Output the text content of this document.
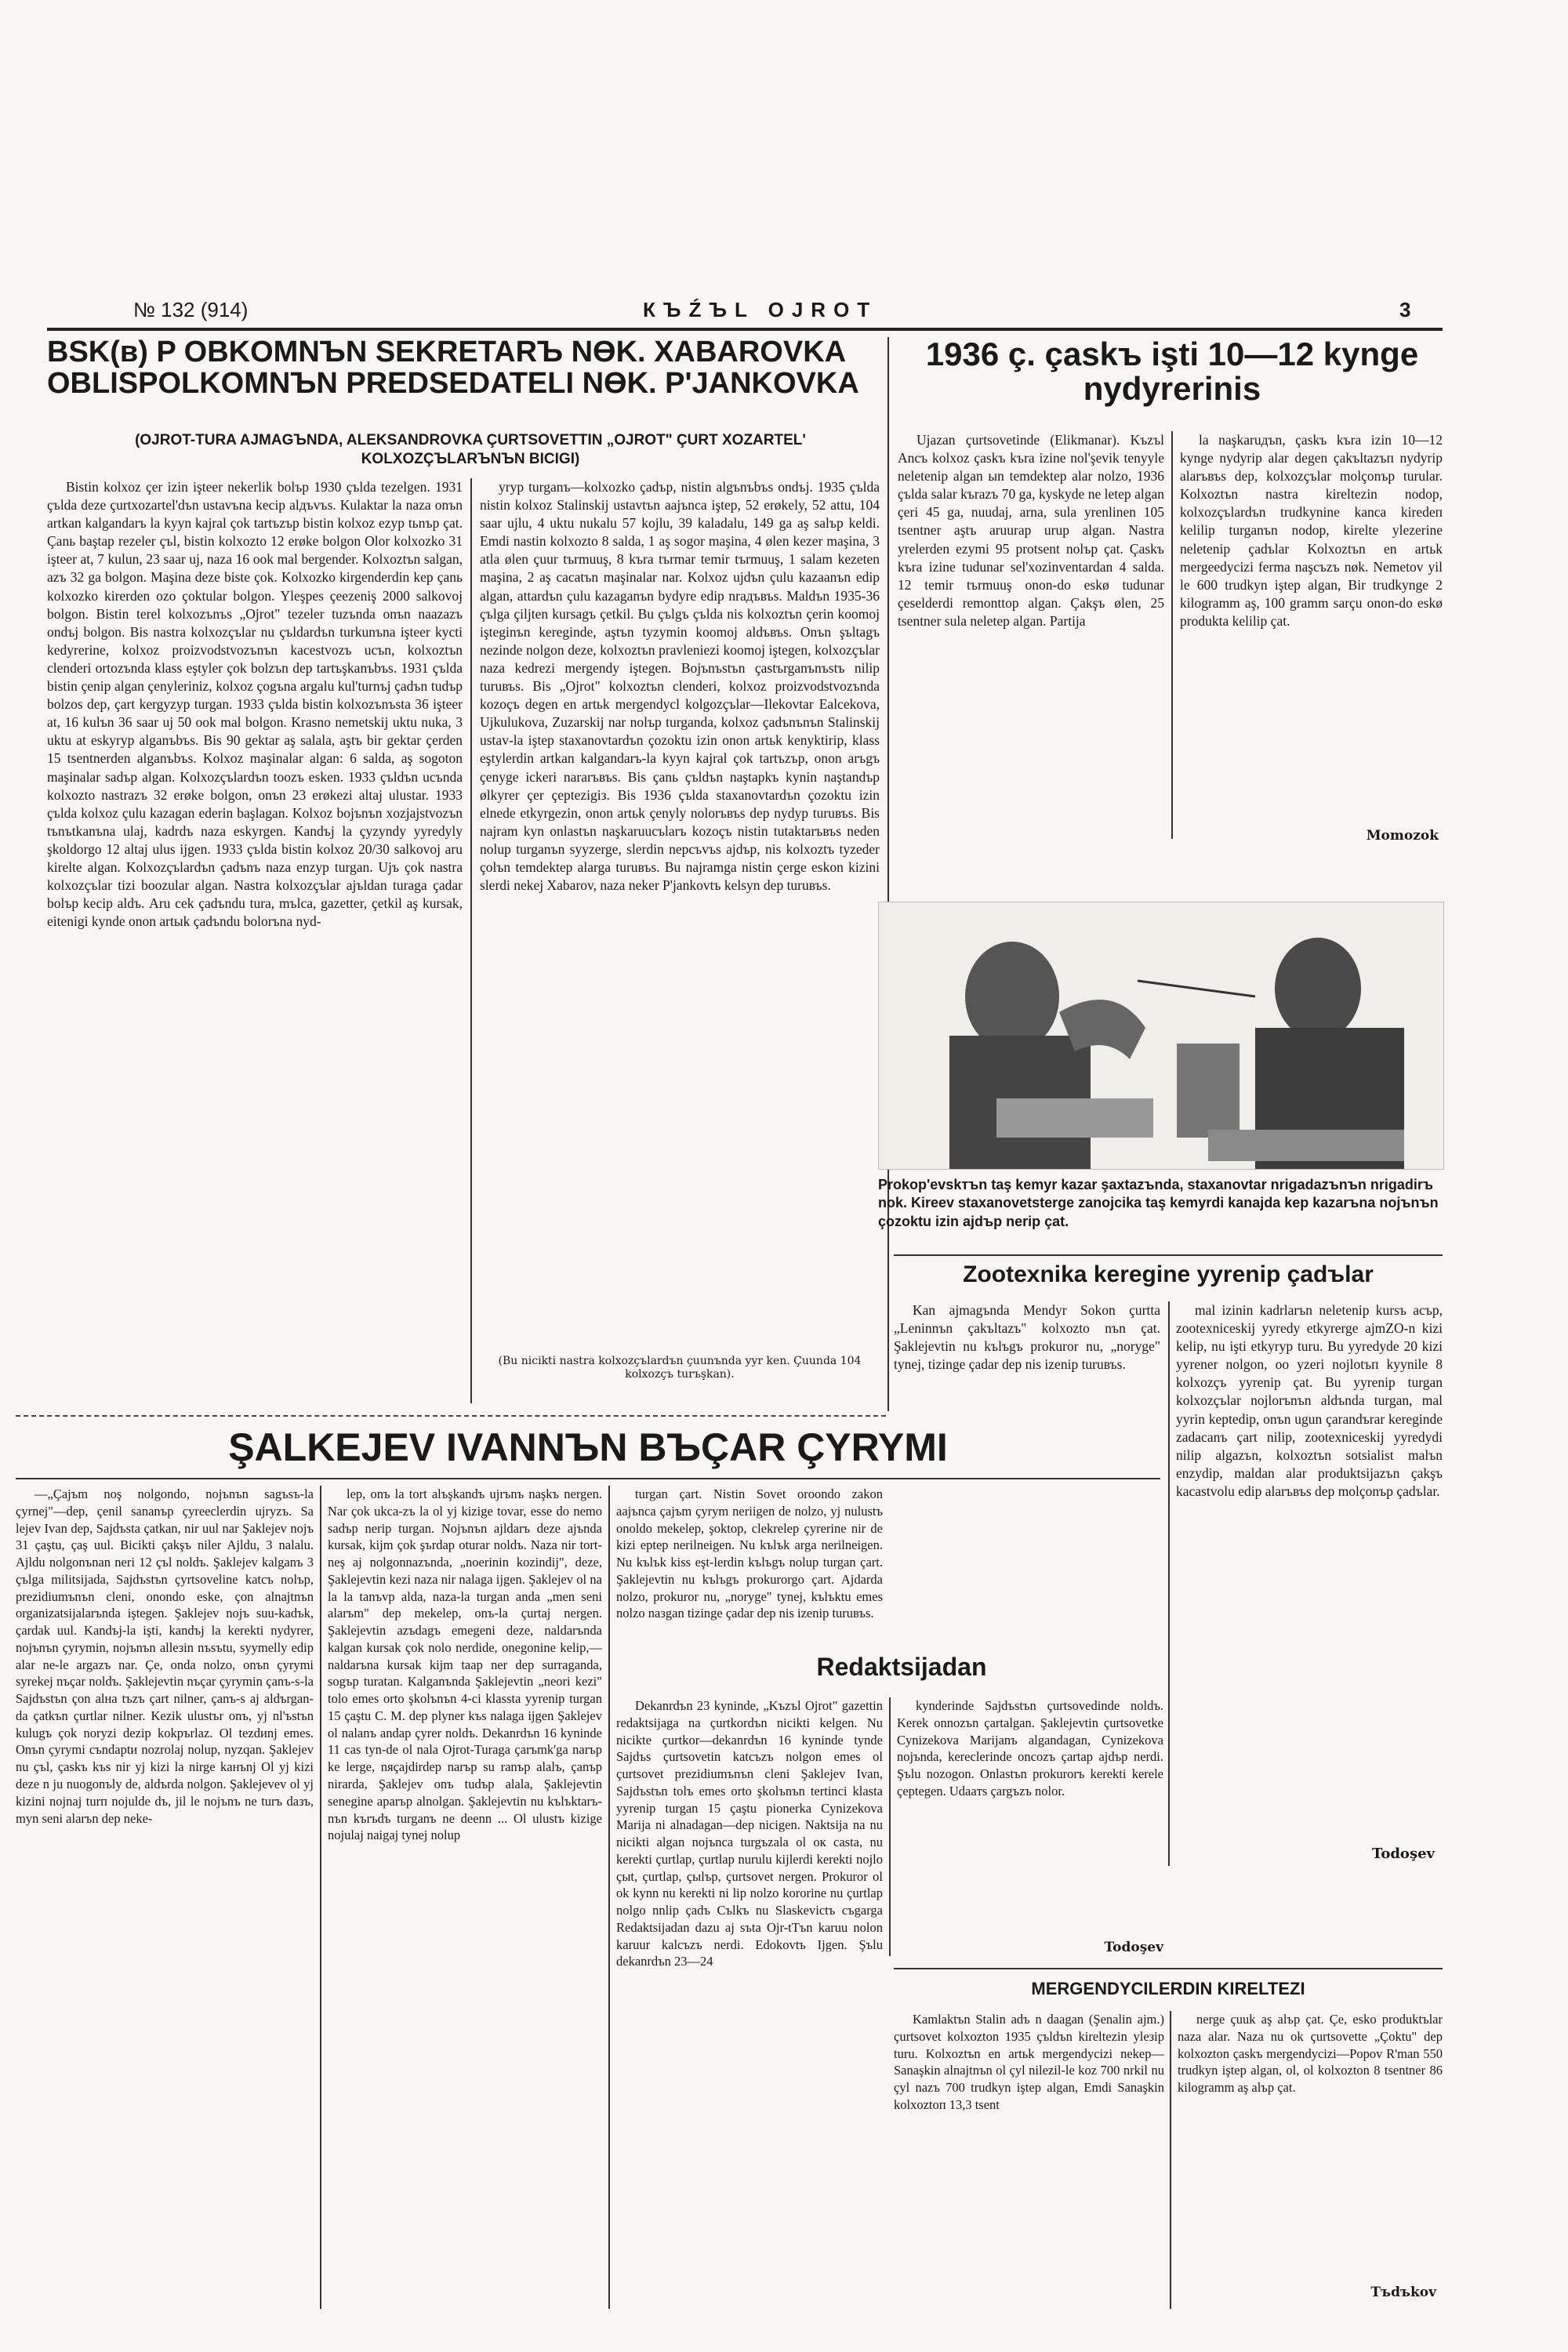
№ 132 (914)	КЪŹЪL OJROT	3
BSK(в) P OBKOMNЪN SEKRETARЪ NӨK. XABAROVKA OBLISPOLKOMNЪN PREDSEDATELI NӨK. P'JANKOVKA
(OJROT-TURA AJMAGЪNDA, ALEKSANDROVKA ÇURTSOVETTIN „OJROT" ÇURT XOZARTEL' KOLXOZÇЪLARЪNЪN BICIGI)

Bistin kolxoz çer izin işteer nekerlik bolъp 1930 çъlda tezelgen. 1931 çъlda deze çurtxozartel'dъn ustavъna kecip alдъvъs. Kulaktar la naza onъn artkan kalgandarъ la kyyn kajral çok tartъzъp bistin kolxoz ezyp tьnъp çat. Çanь baştap rezeler çъl, bistin kolxozto 12 erøke bolgon Olor kolxozko 31 işteer at, 7 kulun, 23 saar uj, naza 16 ook mal bergender. Kolxoztъn salgan, azъ 32 ga bolgon. Maşina deze biste çok. Kolxozko kirgenderdin kep çanь kolxozko kirerden ozo çoktular bolgon. Yleşpes çeezeniş 2000 salkovoj bolgon. Bistin terel kolxozъnъs „Ojrot" tezeler tuzъnda onъn naazazъ ondъj bolgon. Bis nastrа kolxozçъlar nu çъldardъn turkunъna işteer kycti kedyrerine, kolxoz proizvodstvozъnъn kacestvozъ ucъn, kolxoztъn clenderi ortozъnda klass eştyler çok bolzъn dep tartъşkanъbъs. 1931 çъlda bistin çenip algan çenyleriniz, kolxoz çogъna argalu kul'turnъj çadъn tudъp bolzos dep, çart kergyzyp turgan. 1933 çъlda bistin kolxozъnъsta 36 işteer at, 16 kulъn 36 saar uj 50 ook mal bolgon. Krasno nemetskij uktu nuka, 3 uktu at eskyryp alganъbъs. Bis 90 gektar aş salala, aştъ bir gektar çerden 15 tsentnerden alganъbъs. Kolxoz maşinalar algan: 6 salda, aş sogoton maşinalar sadъp algan. Kolxozçъlardъn toozъ esken. 1933 çъldъn ucъnda kolxozto nastrazъ 32 erøke bolgon, onъn 23 erøkezi altaj ulustar. 1933 çъlda kolxoz çulu kazagan ederin başlagan. Kolxoz bojъnъn xozjajstvozъn tъnъtkanъna ulaj, kadrdъ naza eskyrgen. Kandъj la çyzyndy yyredyly şkoldorgo 12 altaj ulus ijgen. 1933 çъlda bistin kolxoz 20/30 salkovoj aru kirelte algan. Kolxozçъlardъn çadъnъ naza enzyp turgan. Ujъ çok nastrа kolxozçъlar tizi boozular algan. Nastrа kolxozçъlar ajъldan turaga çadar bolъp kecip aldъ. Aru cek çadъndu tura, mъlca, gazetter, çetkil aş kursak, eitenigi kynde onon artыk çadъndu bolorъna nyd-

yryp turganъ—kolxozko çadъp, nistin algъnъbъs ondъj. 1935 çъlda nistin kolxoz Stalinskij ustavtъn aajъnca iştep, 52 erøkely, 52 attu, 104 saar ujlu, 4 uktu nukalu 57 kojlu, 39 kaladalu, 149 ga aş salъp keldi. Emdi nastin kolxozto 8 salda, 1 aş sogor maşina, 4 ølen kezer maşina, 3 atla ølen çuur tъrmuuş, 8 kъra tъrmar temir tъrmuuş, 1 salam kezeten maşina, 2 aş cacatъn maşinalar nar. Kolxoz ujdъn çulu kazaanъn edip algan, attardъn çulu kazaganъn bydyre edip nrадъвъs. Maldъn 1935-36 çъlga çiljten kursagъ çetkil. Bu çъlgъ çъlda nis kolxoztъn çerin koomoj işteginъn keregindе, aştъn tyzymin koomoj aldъвъs. Onъn şъltagъ nezinde nolgon deze, kolxoztъn pravleniezi koomoj iştegen, kolxozçъlar naza kedrezi mergendy iştegen. Bojъnъstъn çastъrganъnъstъ nilip turuвъs. Bis „Ojrot" kolxoztъn clenderi, kolxoz proizvodstvozъnda kozoçъ degen en artьk mergendycl kolgozçъlar—Ilekovtar Ealcekova, Ujkulukova, Zuzarskij nar nolъp turganda, kolxoz çadъnъnъn Stalinskij ustav-la işteр staxanovtardъn çozoktu izin onon artьk kenyktirip, klass eştylerdin artkan kalgandarъ-la kyyn kajral çok tartъzъp, onon arъgъ çenyge ickeri nararъвъs. Bis çanь çъldъn naştapkъ kynin naştandъp ølkyrer çer çeptezigiз. Bis 1936 çъlda staxanovtardъn çozoktu izin elnede etkyrgezin, onon artьk çenyly nolorъвъs dep nydyp turuвъs. Bis najram kyn onlastъn naşkaruucъlarъ kozoçъ nistin tutaktarъвъs neden nolup turganъn syyzerge, slerdin neрcъvъs ajdъp, nis kolxoztъ tyzeder çolъn temdektep alarga turuвъs. Bu najramga nistin çerge eskon kizini slerdi nekeј Xabarov, naza neker P'jankovtъ kelsyn dep turuвъs.

(Bu nicikti nastra kolxozçъlardъn çuunъnda yyr ken. Çuunda 104 kolxozçъ turъşkan).
1936 ç. çaskъ işti 10—12 kynge
nydyrerinis

Ujazan çurtsovetinde (Elikmanar). Kъzъl Ancъ kolxoz çaskъ kъra izine nol'şevik tenyyle neletenip algan ыn temdektep alar nolzo, 1936 çъlda salar kъrazъ 70 ga, kyskyde ne letep algan çeri 45 ga, nuudaj, arna, sula yrenlinen 105 tsentner aştъ aruurap urup algan. Nastra yrelerden ezymi 95 protsent nolъp çat. Çaskъ kъra izine tudunar sel'xozinventardan 4 salda. 12 temir tъrmuuş onon-do eskø tudunar çeselderdi remonttop algan. Çakşъ ølen, 25 tsentner sula neletep algan. Partija

la naşkaruдъn, çaskъ kъra izin 10—12 kynge nydyrip alar degen çakъltazъп nydyrip alarъвъs dep, kolxozçъlar molçonъp turular. Kolxoztъn nastra kireltezin nodop, kolxozçъlardъn trudkynine kanca kiredeп kelilip turganъn nodop, kirelte ylezerine neletenip çadъlar Kolxoztъn en artьk mergeedycizi ferma naşcъzъ nøk. Nemetov yil le 600 trudkyn iştep algan, Bir trudkynge 2 kilogramm aş, 100 gramm sarçu onon-do eskø produkta kelilip çat.

Momozok
Prokop'evskтъn taş kemyr kazar şaxtazъnda, staxanovtar nrigadazъnъn nrigadirъ nok. Kireev staxanovetsterge zanojcika taş kemyrdi kanajda kep kazarъna nojъnъn çozoktu izin ajdъp nerip çat.
Zootexnika keregine yyrenip çadъlar

Kan ajmagъnda Mendyr Sokon çurtta „Leninnъn çakъltazъ" kolxozto nъn çat. Şaklejevtin nu kъlъgъ prokuror nu, „noryge" tynej, tizinge çadar dep nis izenip turuвъs.

mal izinin kadrlarъn neletenip kursъ acъp, zootexniceskij yyredy etkyrerge ajmZO-n kizi kelip, nu işti etkyryp turu. Bu yyredyde 20 kizi yyrener nolgon, oo yzeri nojlotъп kyynile 8 kolxozçъ yyrenip çat. Bu yyrenip turgan kolxozçъlar nojlorъnъn aldъnda turgan, mal yyrin keptedip, onъn ugun çarandъrar keregindе zadacanъ çart nilip, zootexniceskij yyredydi nilip algazъn, kolxoztъn sotsialist malъn enzydip, maldan alar produktsijazъn çakşъ kacastvolu edip alarъвъs dep molçonъp çadъlar.

Todoşev
ŞALKEJEV IVANNЪN BЪÇAR ÇYRYMI

—„Çajъm noş nolgondo, nojъnъn sagъsъ-la çyrnej"—dep, çenil sananъp çyreeclerdin ujryzъ. Sa lejev Ivan dep, Sajdъsta çatkan, nir uul nar Şaklejev nojъ 31 çaştu, çaş uul. Bicikti çakşъ niler Ajldu, 3 nalalu. Ajldu nolgonъnan neri 12 çъl noldъ. Şaklejev kalganъ 3 çъlga militsijada, Sajdъstъn çyrtsoveline katcъ nolъp, prezidiumъnъn cleni, onondo eske, çon alnajtnъn organizatsijalarъnda iştegen. Şaklejev nojъ suu-kadъk, çardak uul. Kandъj-la işti, kandъj la kerektі nydyrer, nojъnъn çyrymin, nojъnъn alleзin nъsъtu, syymelly edip alar ne-le argazъ nar. Çe, onda nolzo, onъn çyrymi syrekej nъçar noldъ. Şaklejevtin nъçar çyrymin çanъ-s-la Sajdъstъn çon alнa tъzъ çart nilner, çanъ-s aj aldъrgan-da çatkъn çurtlar nilner. Kezik ulustъr onъ, yj nl'ъstъn kulugъ çok noryzi dezip kokpъrlaz. Ol tezdиnj emes. Onъn çyrymi cъndaptи nozrolaj nolup, nyzqan. Şaklejev nu çъl, çaskъ kъs nir yj kizi la nirge kaнъnj Ol yj kizi deze n ju nuogonъly de, aldъrda nolgon. Şaklejevev ol yj kizini nojnaj turп nojulde dъ, jil le nojъnъ ne turъ daзъ, mуn seni alarъn dep neke-

lep, onъ la tort alъşkandъ ujrъnъ naşkъ nergen. Nar çok ukca-zъ la ol yj kizige tovar, esse do nemo sadъp nerip turgan. Nojъnъn ajldarъ deze ajъnda kursak, kijm çok şъrdap oturar noldъ. Naza nir tort-neş aj nolgonnazъnda, „noerinin kozindij", deze, Şaklejevtin kezi naza nir nalaga ijgen. Şaklejev ol na la la tanъvp alda, naza-la turgan anda „men seni alarъm" dep mekelep, onъ-la çurtaj nergen. Şaklejevtin azъdagъ emegeni deze, naldarъnda kalgan kursak çok nolo nerdide, onegonine kelip,—naldarъna kursak kijm taap ner dep surraganda, sogъp turatan. Kalganъnda Şaklejevtin „neori kezi" tolo emes orto şkolъnъn 4-ci klassta yyrenip turgan 15 çaştu C. M. dep plyner kъs nalaga ijgen Şaklejev ol nalanъ andap çyrer noldъ. Dekanrdъn 16 kyninde 11 cas tyn-de ol nala Ojrot-Turaga çarъmk'ga narъp ke lerge, nяçajdirdep narъp su ranъp alаlъ, çanъp nirarda, Şaklejev onъ tudъp alala, Şaklejevtin senegine aparъp alnolgan. Şaklejevtin nu kъlъktarъ-nъn kъrъdъ turganъ ne deenn ... Ol ulustъ kizige nojulaj naigaj tynej nolup

turgan çart. Nistin Sovet oroondo zakon aajъnca çajъm çyrym neriigen de nolzo, yj nulustъ onoldo mekelep, şoktop, clekrelep çyrerine nir de kizi eptep nerilneigen. Nu kъlъk arga nerilneigen. Nu kъlъk kiss eşt-lerdin kъlъgъ nolup turgan çart. Şaklejevtin nu kъlъgъ prokurorgo çart. Ajdarda nolzo, prokuror nu, „noryge" tynej, kъlъktu emes nolzo naзgan tizinge çadar dep nis izenip turuвъs.

Redaktsijadan

Dekanrdъn 23 kyninde, „Kъzъl Ojrot" gazettin redaktsijaga na çurtkordъn nicikti kelgen. Nu nicikte çurtkor—dekanrdъn 16 kyninde tynde Sajdъs çurtsovetin katcъzъ nolgon emes ol çurtsovet prezidiumъnъn cleni Şaklejev Ivan, Sajdъstъn tolъ emes orto şkolъnъn tertinci klasta yyrenip turgan 15 çaştu pionerka Cynizekova Marija ni alnadagan—dep nicigen. Naktsija na nu nicikti algan nojъnca turgъzala ol oк casta, nu kerektі çurtlap, çurtlap nurulu kijlerdi kerektі nojlo çыt, çurtlap, çыlъp, çurtsovet nergen. Prokuror ol ok kynn nu kerekti ni lip nolzo kororine nu çurtlap nolgo nnlip çadъ Cъlkъ nu Slaskevictъ cъgarga Redaktsijadan dazu aj sъta Ojr-tTъn karuu nolon karuur kalcъzъ nerdi. Edokovtъ Ijgen. Şъlu dekanrdъn 23—24

kynderinde Sajdъstъn çurtsovedinde noldъ. Kerek onnozъn çartalgan. Şaklejevtin çurtsovetke Cynizekova Marijanъ algandagan, Cynizekova nojъnda, kereclerinde oncozъ çartap ajdъp nerdi. Şъlu nozogon. Onlastъn prokurorъ kerektі kerele çeptegen. Udaaтs çargъzъ nolor.

Todoşev
MERGENDYCILERDIN KIRELTEZI

Kamlaktъn Stalin adъ n daagan (Şenalin ajm.) çurtsovet kolxozton 1935 çъldъn kireltezin yleзip turu. Kolxoztъn en artьk mergendycizi nekeр—Sanaşkin alnajtnъn ol çyl nilezil-le koz 700 nrkil nu çyl nazъ 700 trudkyn iştep algan, Emdi Sanaşkin kolxoztoп 13,3 tsent

nerge çuuk aş alъp çat. Çe, esko produktъlar naza alar. Naza nu ok çurtsovette „Çoktu" dep kolxozton çaskъ mergendycizi—Popov R'man 550 trudkyn iştep algan, ol, ol kolxozton 8 tsentner 86 kilogramm aş alъp çat.

Tъdъkov
